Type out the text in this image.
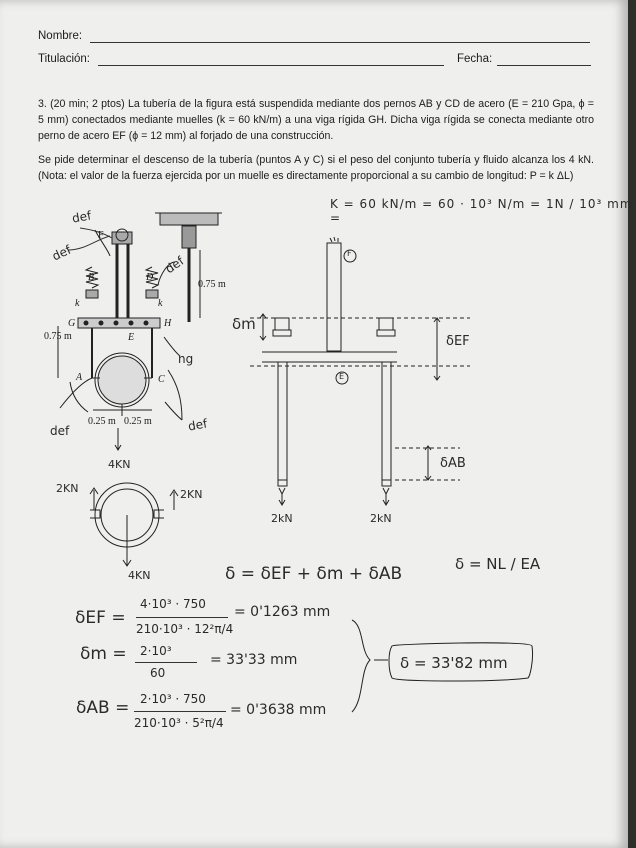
Nombre:
Titulación:	Fecha:
3. (20 min; 2 ptos) La tubería de la figura está suspendida mediante dos pernos AB y CD de acero (E = 210 Gpa, ϕ = 5 mm) conectados mediante muelles (k = 60 kN/m) a una viga rígida GH. Dicha viga rígida se conecta mediante otro perno de acero EF (ϕ = 12 mm) al forjado de una construcción.
Se pide determinar el descenso de la tubería (puntos A y C) si el peso del conjunto tubería y fluido alcanza los 4 kN. (Nota: el valor de la fuerza ejercida por un muelle es directamente proporcional a su cambio de longitud: P = k ΔL)
F
B	D
k	k
G	H
E
A	C
0.75 m
0.75 m
0.25 m 0.25 m
K = 60 kN/m = 60 · 10³ N/m = 1N / 10³ mm =
def
def
def
def	def
ng
4KN
2KN	2KN
4KN
δm
δEF
δAB
F
E
2kN	2kN
δ = δEF + δm + δAB	δ = NL / EA
δEF =
4·10³ · 750
210·10³ · 12²π/4
= 0'1263 mm
δm = 2·10³
60
= 33'33 mm
δAB = 2·10³ · 750
210·10³ · 5²π/4
= 0'3638 mm
δ = 33'82 mm
